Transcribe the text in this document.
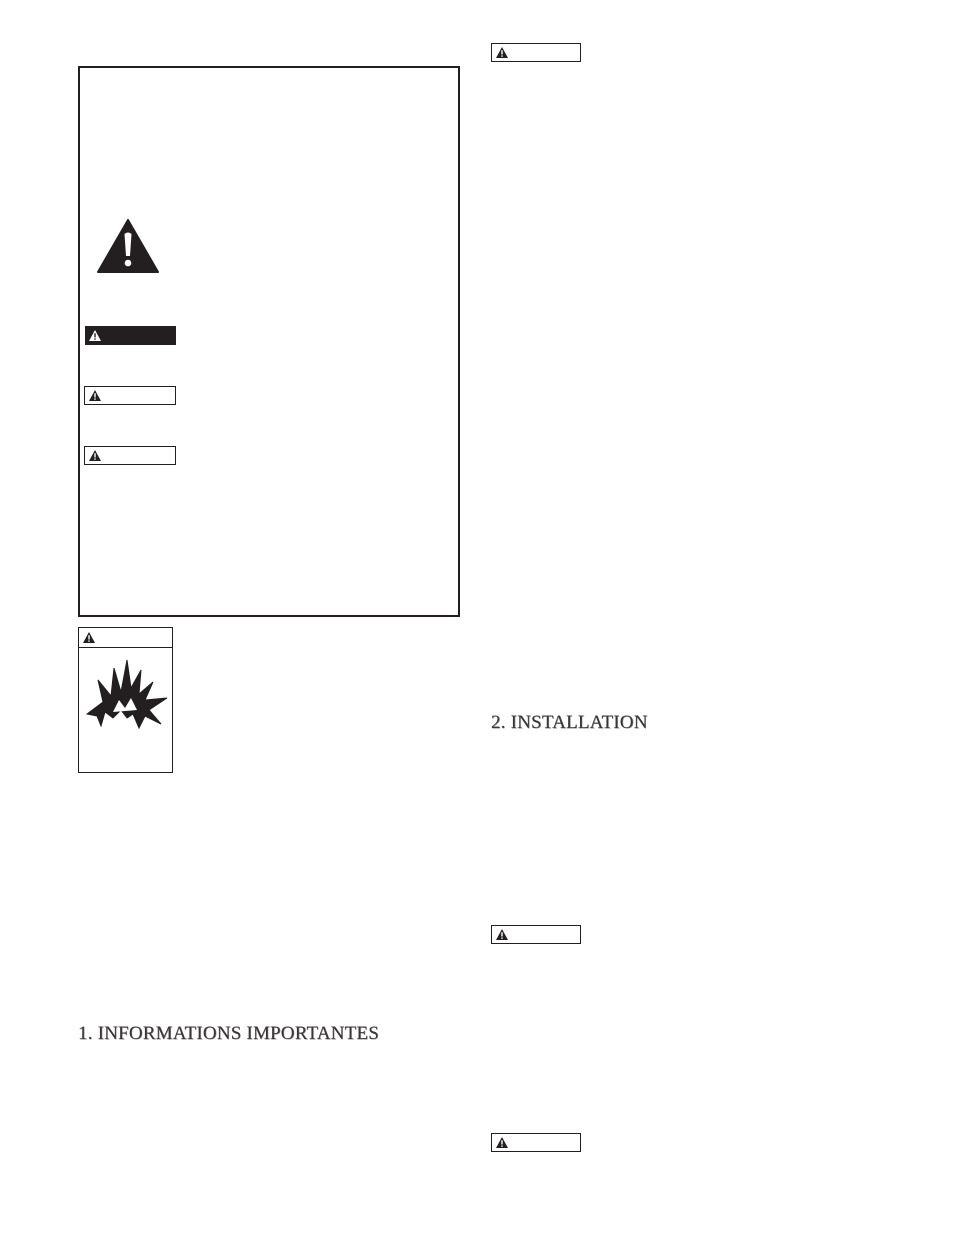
1. INFORMATIONS IMPORTANTES
2. INSTALLATION
